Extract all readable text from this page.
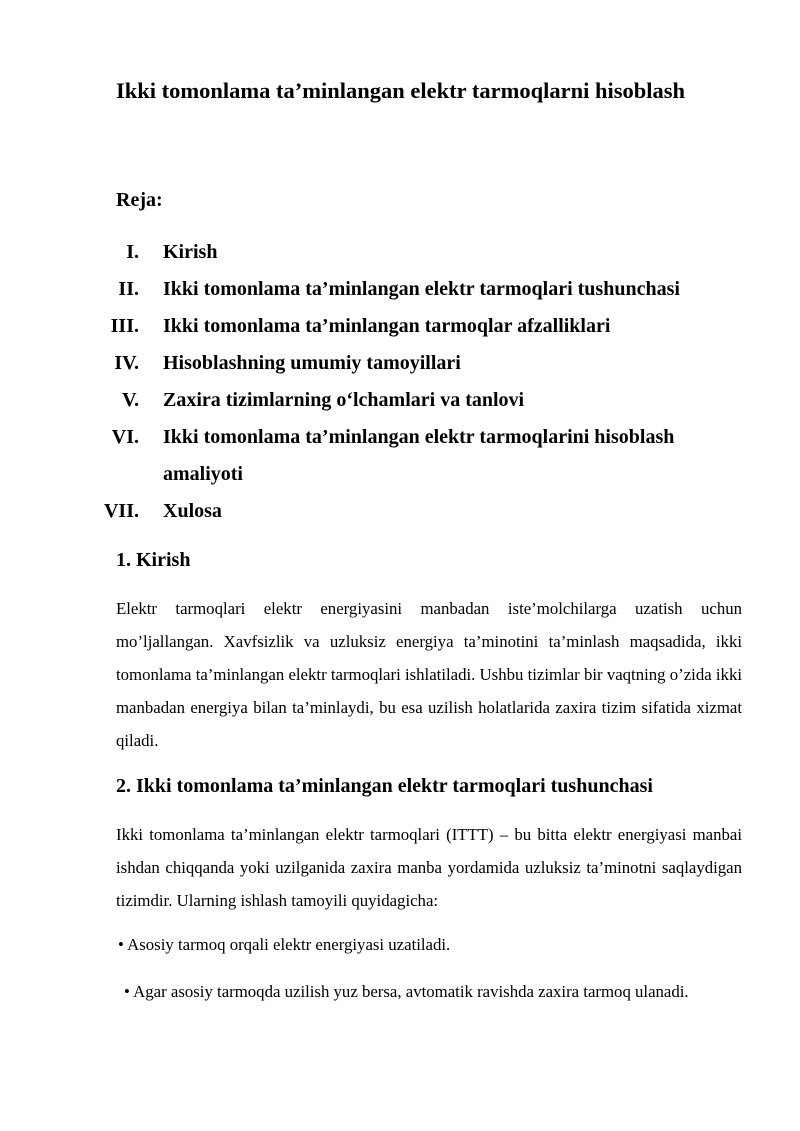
Ikki tomonlama ta’minlangan elektr tarmoqlarni hisoblash
Reja:
I. Kirish
II. Ikki tomonlama ta’minlangan elektr tarmoqlari tushunchasi
III. Ikki tomonlama ta’minlangan tarmoqlar afzalliklari
IV. Hisoblashning umumiy tamoyillari
V. Zaxira tizimlarning o‘lchamlari va tanlovi
VI. Ikki tomonlama ta’minlangan elektr tarmoqlarini hisoblash amaliyoti
VII. Xulosa
1. Kirish

Elektr tarmoqlari elektr energiyasini manbadan iste’molchilarga uzatish uchun mo’ljallangan. Xavfsizlik va uzluksiz energiya ta’minotini ta’minlash maqsadida, ikki tomonlama ta’minlangan elektr tarmoqlari ishlatiladi. Ushbu tizimlar bir vaqtning o’zida ikki manbadan energiya bilan ta’minlaydi, bu esa uzilish holatlarida zaxira tizim sifatida xizmat qiladi.

2. Ikki tomonlama ta’minlangan elektr tarmoqlari tushunchasi

Ikki tomonlama ta’minlangan elektr tarmoqlari (ITTT) – bu bitta elektr energiyasi manbai ishdan chiqqanda yoki uzilganida zaxira manba yordamida uzluksiz ta’minotni saqlaydigan tizimdir. Ularning ishlash tamoyili quyidagicha:

• Asosiy tarmoq orqali elektr energiyasi uzatiladi.

• Agar asosiy tarmoqda uzilish yuz bersa, avtomatik ravishda zaxira tarmoq ulanadi.
